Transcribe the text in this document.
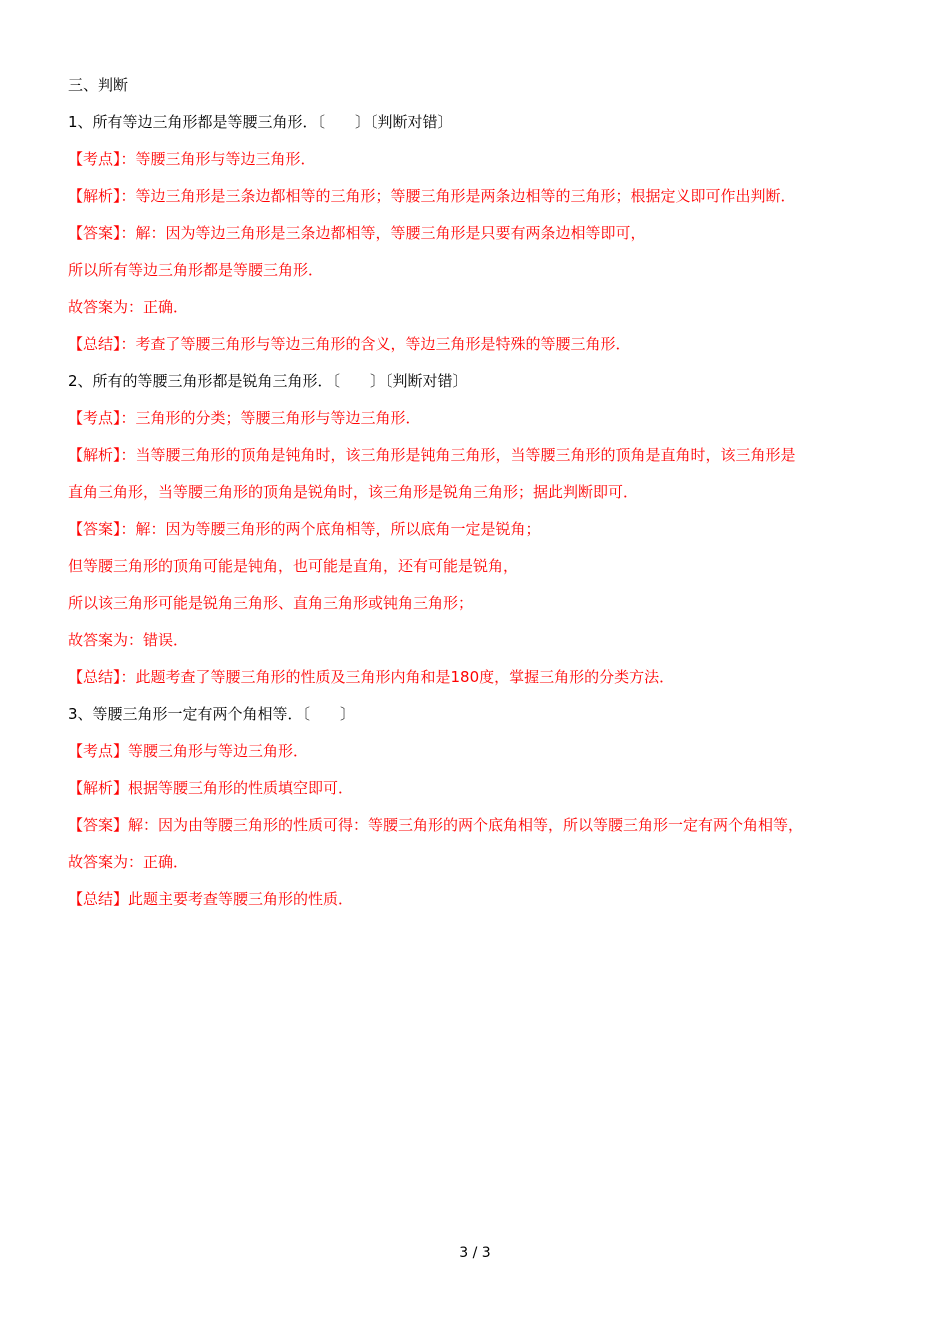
三、判断
1、所有等边三角形都是等腰三角形．〔　　〕〔判断对错〕
【考点】：等腰三角形与等边三角形．
【解析】：等边三角形是三条边都相等的三角形；等腰三角形是两条边相等的三角形；根据定义即可作出判断．
【答案】：解：因为等边三角形是三条边都相等，等腰三角形是只要有两条边相等即可，
所以所有等边三角形都是等腰三角形．
故答案为：正确．
【总结】：考查了等腰三角形与等边三角形的含义，等边三角形是特殊的等腰三角形．
2、所有的等腰三角形都是锐角三角形．〔　　〕〔判断对错〕
【考点】：三角形的分类；等腰三角形与等边三角形．
【解析】：当等腰三角形的顶角是钝角时，该三角形是钝角三角形，当等腰三角形的顶角是直角时，该三角形是
直角三角形，当等腰三角形的顶角是锐角时，该三角形是锐角三角形；据此判断即可．
【答案】：解：因为等腰三角形的两个底角相等，所以底角一定是锐角；
但等腰三角形的顶角可能是钝角，也可能是直角，还有可能是锐角，
所以该三角形可能是锐角三角形、直角三角形或钝角三角形；
故答案为：错误．
【总结】：此题考查了等腰三角形的性质及三角形内角和是180度，掌握三角形的分类方法．
3、等腰三角形一定有两个角相等．〔　　〕
【考点】等腰三角形与等边三角形．
【解析】根据等腰三角形的性质填空即可．
【答案】解：因为由等腰三角形的性质可得：等腰三角形的两个底角相等，所以等腰三角形一定有两个角相等，
故答案为：正确．
【总结】此题主要考查等腰三角形的性质．
3 / 3
